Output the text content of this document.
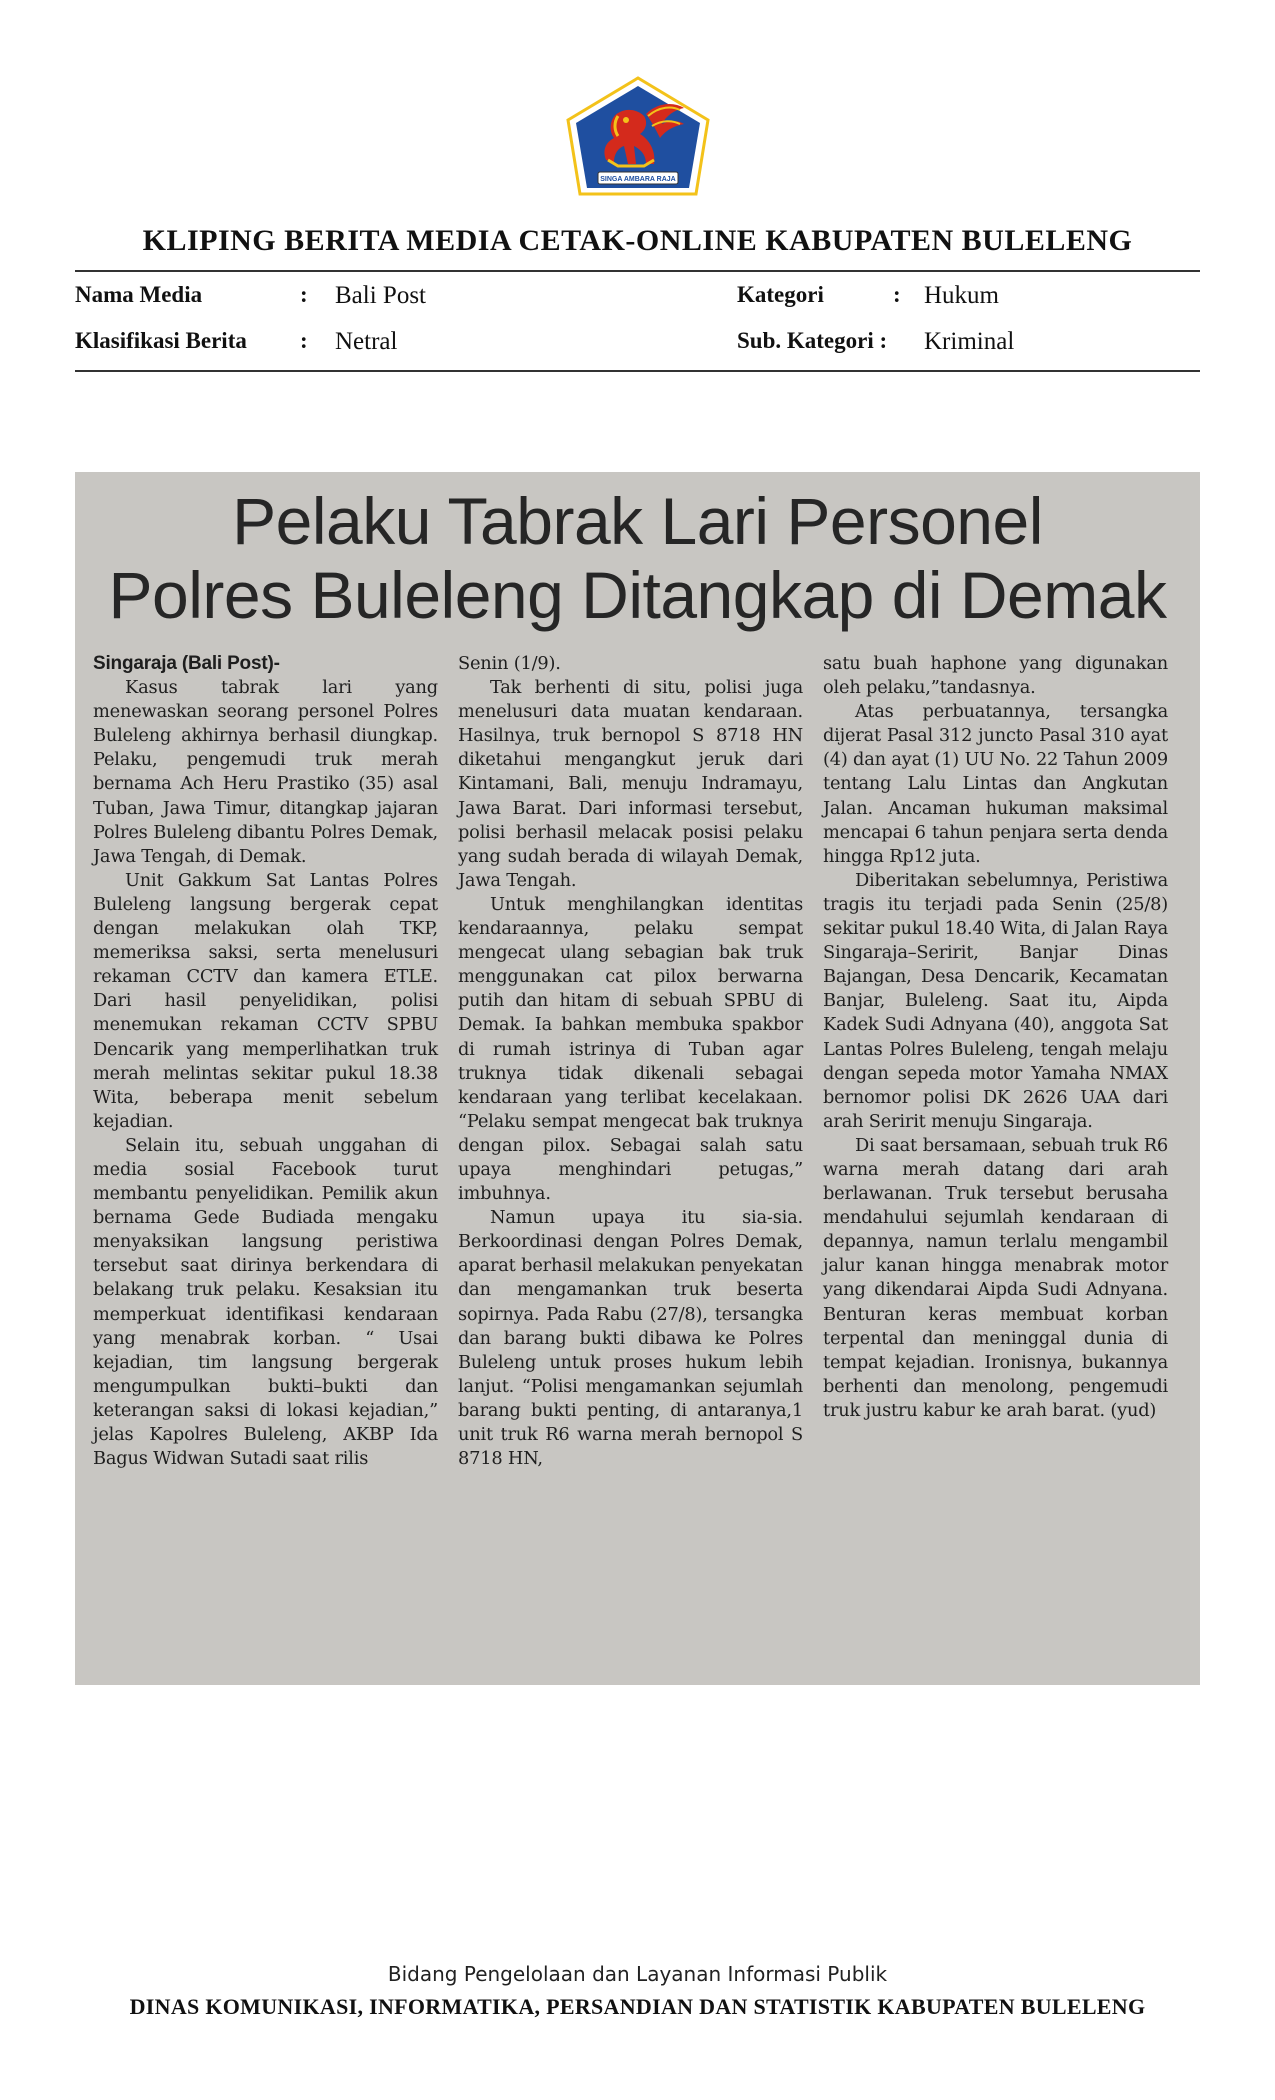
SINGA AMBARA RAJA
KLIPING BERITA MEDIA CETAK-ONLINE KABUPATEN BULELENG
Nama Media	: Bali Post	Kategori	: Hukum
Klasifikasi Berita : Netral	Sub. Kategori : Kriminal
Pelaku Tabrak Lari Personel
Polres Buleleng Ditangkap di Demak

Singaraja (Bali Post)-

Kasus tabrak lari yang menewaskan seorang personel Polres Buleleng akhirnya berhasil diungkap. Pelaku, pengemudi truk merah bernama Ach Heru Prastiko (35) asal Tuban, Jawa Timur, ditangkap jajaran Polres Buleleng dibantu Polres Demak, Jawa Tengah, di Demak.

Unit Gakkum Sat Lantas Polres Buleleng langsung bergerak cepat dengan melakukan olah TKP, memeriksa saksi, serta menelusuri rekaman CCTV dan kamera ETLE. Dari hasil penyelidikan, polisi menemukan rekaman CCTV SPBU Dencarik yang memperlihatkan truk merah melintas sekitar pukul 18.38 Wita, beberapa menit sebelum kejadian.

Selain itu, sebuah unggahan di media sosial Facebook turut membantu penyelidikan. Pemilik akun bernama Gede Budiada mengaku menyaksikan langsung peristiwa tersebut saat dirinya berkendara di belakang truk pelaku. Kesaksian itu memperkuat identifikasi kendaraan yang menabrak korban. “ Usai kejadian, tim langsung bergerak mengumpulkan bukti–bukti dan keterangan saksi di lokasi kejadian,” jelas Kapolres Buleleng, AKBP Ida Bagus Widwan Sutadi saat rilis

Senin (1/9).

Tak berhenti di situ, polisi juga menelusuri data muatan kendaraan. Hasilnya, truk bernopol S 8718 HN diketahui mengangkut jeruk dari Kintamani, Bali, menuju Indramayu, Jawa Barat. Dari informasi tersebut, polisi berhasil melacak posisi pelaku yang sudah berada di wilayah Demak, Jawa Tengah.

Untuk menghilangkan identitas kendaraannya, pelaku sempat mengecat ulang sebagian bak truk menggunakan cat pilox berwarna putih dan hitam di sebuah SPBU di Demak. Ia bahkan membuka spakbor di rumah istrinya di Tuban agar truknya tidak dikenali sebagai kendaraan yang terlibat kecelakaan. “Pelaku sempat mengecat bak truknya dengan pilox. Sebagai salah satu upaya menghindari petugas,” imbuhnya.

Namun upaya itu sia-sia. Berkoordinasi dengan Polres Demak, aparat berhasil melakukan penyekatan dan mengamankan truk beserta sopirnya. Pada Rabu (27/8), tersangka dan barang bukti dibawa ke Polres Buleleng untuk proses hukum lebih lanjut. “Polisi mengamankan sejumlah barang bukti penting, di antaranya,1 unit truk R6 warna merah bernopol S 8718 HN,

satu buah haphone yang digunakan oleh pelaku,”tandasnya.

Atas perbuatannya, tersangka dijerat Pasal 312 juncto Pasal 310 ayat (4) dan ayat (1) UU No. 22 Tahun 2009 tentang Lalu Lintas dan Angkutan Jalan. Ancaman hukuman maksimal mencapai 6 tahun penjara serta denda hingga Rp12 juta.

Diberitakan sebelumnya, Peristiwa tragis itu terjadi pada Senin (25/8) sekitar pukul 18.40 Wita, di Jalan Raya Singaraja–Seririt, Banjar Dinas Bajangan, Desa Dencarik, Kecamatan Banjar, Buleleng. Saat itu, Aipda Kadek Sudi Adnyana (40), anggota Sat Lantas Polres Buleleng, tengah melaju dengan sepeda motor Yamaha NMAX bernomor polisi DK 2626 UAA dari arah Seririt menuju Singaraja.

Di saat bersamaan, sebuah truk R6 warna merah datang dari arah berlawanan. Truk tersebut berusaha mendahului sejumlah kendaraan di depannya, namun terlalu mengambil jalur kanan hingga menabrak motor yang dikendarai Aipda Sudi Adnyana. Benturan keras membuat korban terpental dan meninggal dunia di tempat kejadian. Ironisnya, bukannya berhenti dan menolong, pengemudi truk justru kabur ke arah barat. (yud)

Bidang Pengelolaan dan Layanan Informasi Publik
DINAS KOMUNIKASI, INFORMATIKA, PERSANDIAN DAN STATISTIK KABUPATEN BULELENG
